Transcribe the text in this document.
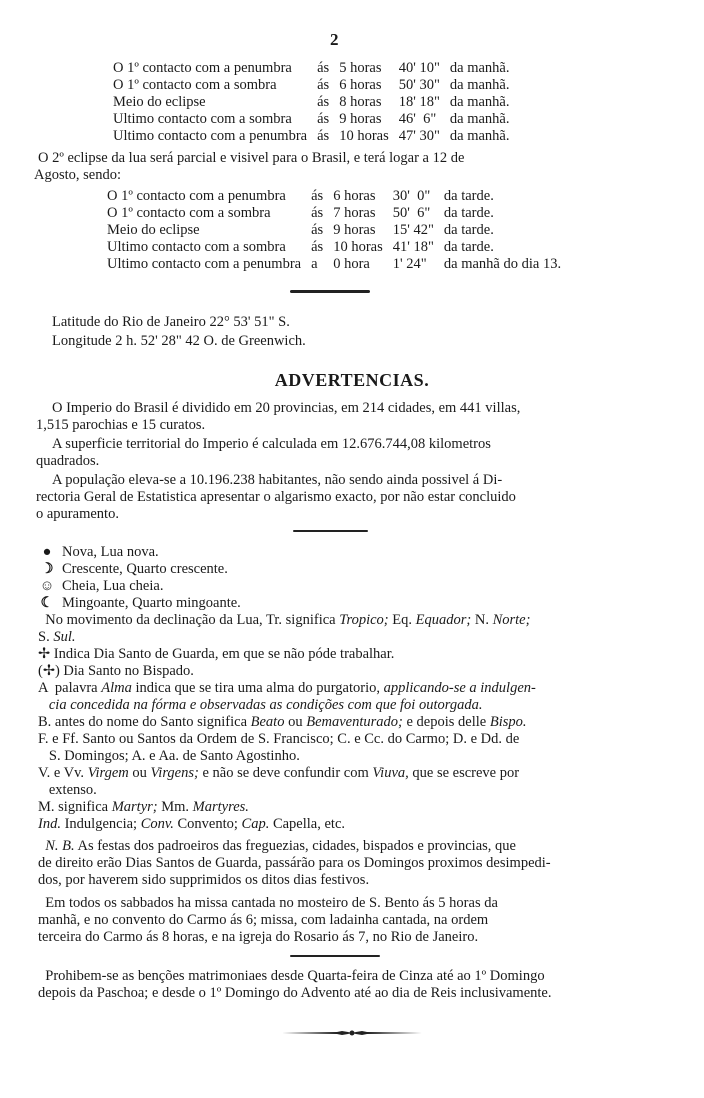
2
O 1º contacto com a penumbra	ás 5 horas	40' 10" da manhã.
O 1º contacto com a sombra	ás 6 horas	50' 30" da manhã.
Meio do eclipse	ás 8 horas	18' 18" da manhã.
Ultimo contacto com a sombra	ás 9 horas	46'  6" da manhã.
Ultimo contacto com a penumbra ás 10 horas 47' 30" da manhã.
O 2º eclipse da lua será parcial e visivel para o Brasil, e terá logar a 12 de
Agosto, sendo:
O 1º contacto com a penumbra	ás 6 horas	30'  0" da tarde.
O 1º contacto com a sombra	ás 7 horas	50'  6" da tarde.
Meio do eclipse	ás 9 horas	15' 42" da tarde.
Ultimo contacto com a sombra	ás 10 horas 41' 18" da tarde.
Ultimo contacto com a penumbra a	0 hora	1' 24"	da manhã do dia 13.
Latitude do Rio de Janeiro 22° 53' 51" S.
Longitude 2 h. 52' 28" 42 O. de Greenwich.
ADVERTENCIAS.
O Imperio do Brasil é dividido em 20 provincias, em 214 cidades, em 441 villas,
1,515 parochias e 15 curatos.
A superficie territorial do Imperio é calculada em 12.676.744,08 kilometros
quadrados.
A população eleva-se a 10.196.238 habitantes, não sendo ainda possivel á Di-
rectoria Geral de Estatistica apresentar o algarismo exacto, por não estar concluido
o apuramento.
● Nova, Lua nova.
☽ Crescente, Quarto crescente.
☺ Cheia, Lua cheia.
☾ Mingoante, Quarto mingoante.
No movimento da declinação da Lua, Tr. significa Tropico; Eq. Equador; N. Norte;
S. Sul.
✢ Indica Dia Santo de Guarda, em que se não póde trabalhar.
(✢) Dia Santo no Bispado.
A  palavra Alma indica que se tira uma alma do purgatorio, applicando-se a indulgen-
cia concedida na fórma e observadas as condições com que foi outorgada.
B. antes do nome do Santo significa Beato ou Bemaventurado; e depois delle Bispo.
F. e Ff. Santo ou Santos da Ordem de S. Francisco; C. e Cc. do Carmo; D. e Dd. de
S. Domingos; A. e Aa. de Santo Agostinho.
V. e Vv. Virgem ou Virgens; e não se deve confundir com Viuva, que se escreve por
extenso.
M. significa Martyr; Mm. Martyres.
Ind. Indulgencia; Conv. Convento; Cap. Capella, etc.
N. B. As festas dos padroeiros das freguezias, cidades, bispados e provincias, que
de direito erão Dias Santos de Guarda, passárão para os Domingos proximos desimpedi-
dos, por haverem sido supprimidos os ditos dias festivos.
Em todos os sabbados ha missa cantada no mosteiro de S. Bento ás 5 horas da
manhã, e no convento do Carmo ás 6; missa, com ladainha cantada, na ordem
terceira do Carmo ás 8 horas, e na igreja do Rosario ás 7, no Rio de Janeiro.
Prohibem-se as benções matrimoniaes desde Quarta-feira de Cinza até ao 1º Domingo
depois da Paschoa; e desde o 1º Domingo do Advento até ao dia de Reis inclusivamente.
